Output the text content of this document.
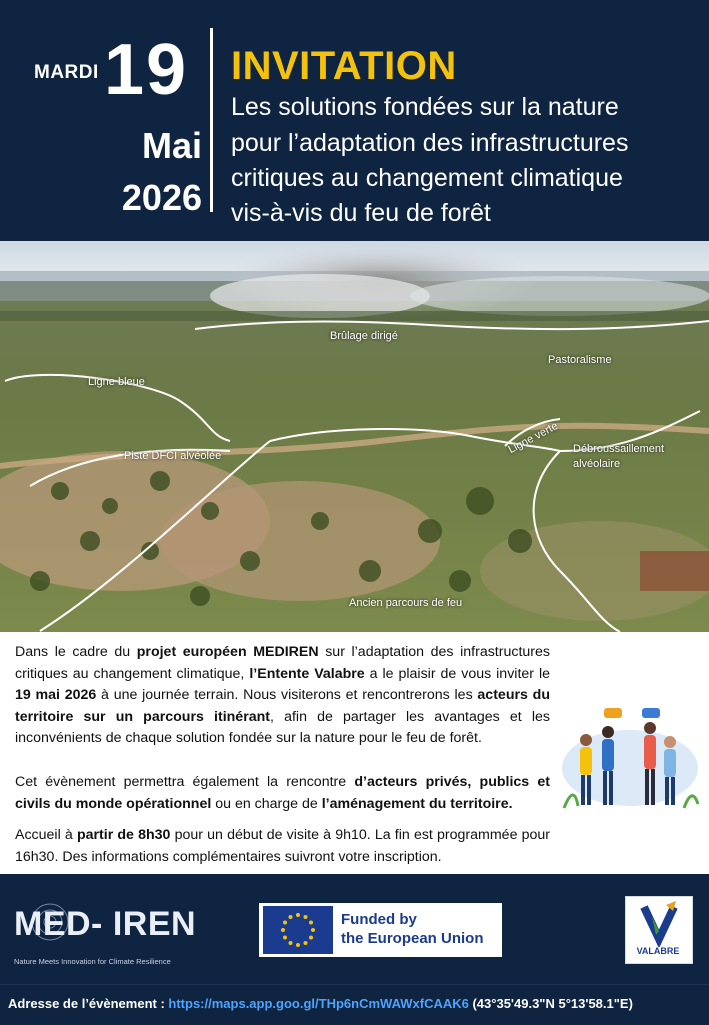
MARDI 19
Mai
2026
INVITATION
Les solutions fondées sur la nature
pour l’adaptation des infrastructures
critiques au changement climatique
vis-à-vis du feu de forêt
Brûlage dirigé
Pastoralisme
Ligne bleue
Ligne verte
Piste DFCI alvéolée
Débroussaillement
alvéolaire
Ancien parcours de feu
Dans le cadre du projet européen MEDIREN sur l’adaptation des infrastructures critiques au changement climatique, l’Entente Valabre a le plaisir de vous inviter le 19 mai 2026 à une journée terrain. Nous visiterons et rencontrerons les acteurs du territoire sur un parcours itinérant, afin de partager les avantages et les inconvénients de chaque solution fondée sur la nature pour le feu de forêt.
Cet évènement permettra également la rencontre d’acteurs privés, publics et civils du monde opérationnel ou en charge de l’aménagement du territoire.
Accueil à partir de 8h30 pour un début de visite à 9h10. La fin est programmée pour 16h30. Des informations complémentaires suivront votre inscription.
MED- IREN
Nature Meets Innovation for Climate Resilience
Funded by
the European Union
VALABRE
Adresse de l’évènement : https://maps.app.goo.gl/THp6nCmWAWxfCAAK6 (43°35'49.3"N 5°13'58.1"E)
